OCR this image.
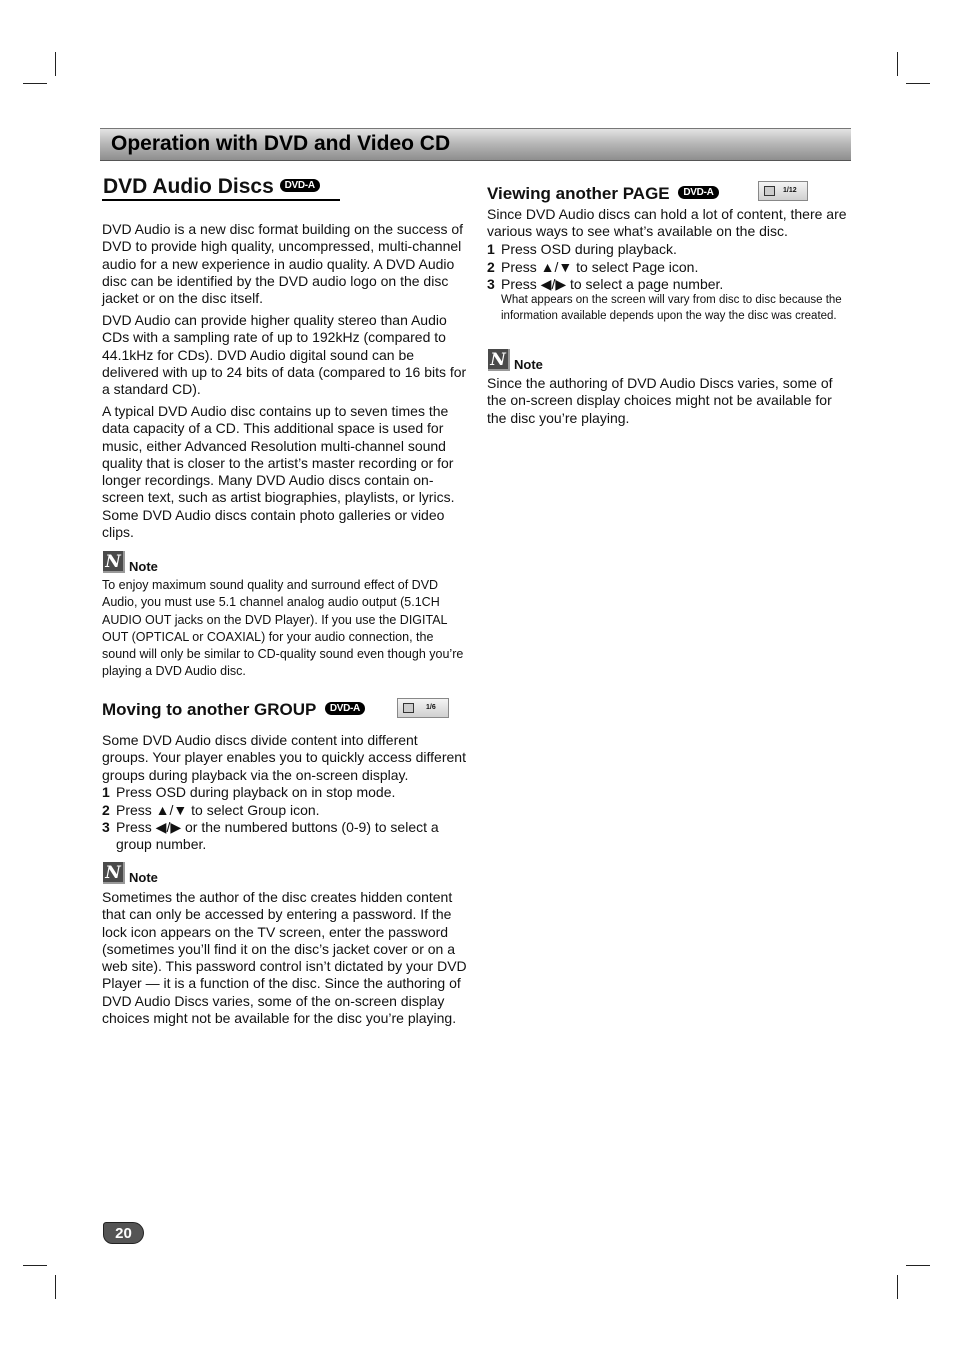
Operation with DVD and Video CD
DVD Audio Discs DVD-A

DVD Audio is a new disc format building on the success of DVD to provide high quality, uncompressed, multi-channel audio for a new experience in audio quality. A DVD Audio disc can be identified by the DVD audio logo on the disc jacket or on the disc itself.

DVD Audio can provide higher quality stereo than Audio CDs with a sampling rate of up to 192kHz (compared to 44.1kHz for CDs). DVD Audio digital sound can be delivered with up to 24 bits of data (compared to 16 bits for a standard CD).

A typical DVD Audio disc contains up to seven times the data capacity of a CD. This additional space is used for music, either Advanced Resolution multi-channel sound quality that is closer to the artist’s master recording or for longer recordings. Many DVD Audio discs contain on-screen text, such as artist biographies, playlists, or lyrics. Some DVD Audio discs contain photo galleries or video clips.

N Note

To enjoy maximum sound quality and surround effect of DVD Audio, you must use 5.1 channel analog audio output (5.1CH AUDIO OUT jacks on the DVD Player). If you use the DIGITAL OUT (OPTICAL or COAXIAL) for your audio connection, the sound will only be similar to CD-quality sound even though you’re playing a DVD Audio disc.

Moving to another GROUP DVD-A	1/6

Some DVD Audio discs divide content into different groups. Your player enables you to quickly access different groups during playback via the on-screen display.

1 Press OSD during playback on in stop mode.
2 Press ▲/▼ to select Group icon.
3 Press ◀/▶ or the numbered buttons (0-9) to select a
group number.
N Note

Sometimes the author of the disc creates hidden content that can only be accessed by entering a password. If the lock icon appears on the TV screen, enter the password (sometimes you’ll find it on the disc’s jacket cover or on a web site). This password control isn’t dictated by your DVD Player — it is a function of the disc. Since the authoring of DVD Audio Discs varies, some of the on-screen display choices might not be available for the disc you’re playing.

Viewing another PAGE DVD-A	1/12

Since DVD Audio discs can hold a lot of content, there are various ways to see what’s available on the disc.

1 Press OSD during playback.
2 Press ▲/▼ to select Page icon.
3 Press ◀/▶ to select a page number.

What appears on the screen will vary from disc to disc because the information available depends upon the way the disc was created.

N Note

Since the authoring of DVD Audio Discs varies, some of the on-screen display choices might not be available for the disc you’re playing.

20
